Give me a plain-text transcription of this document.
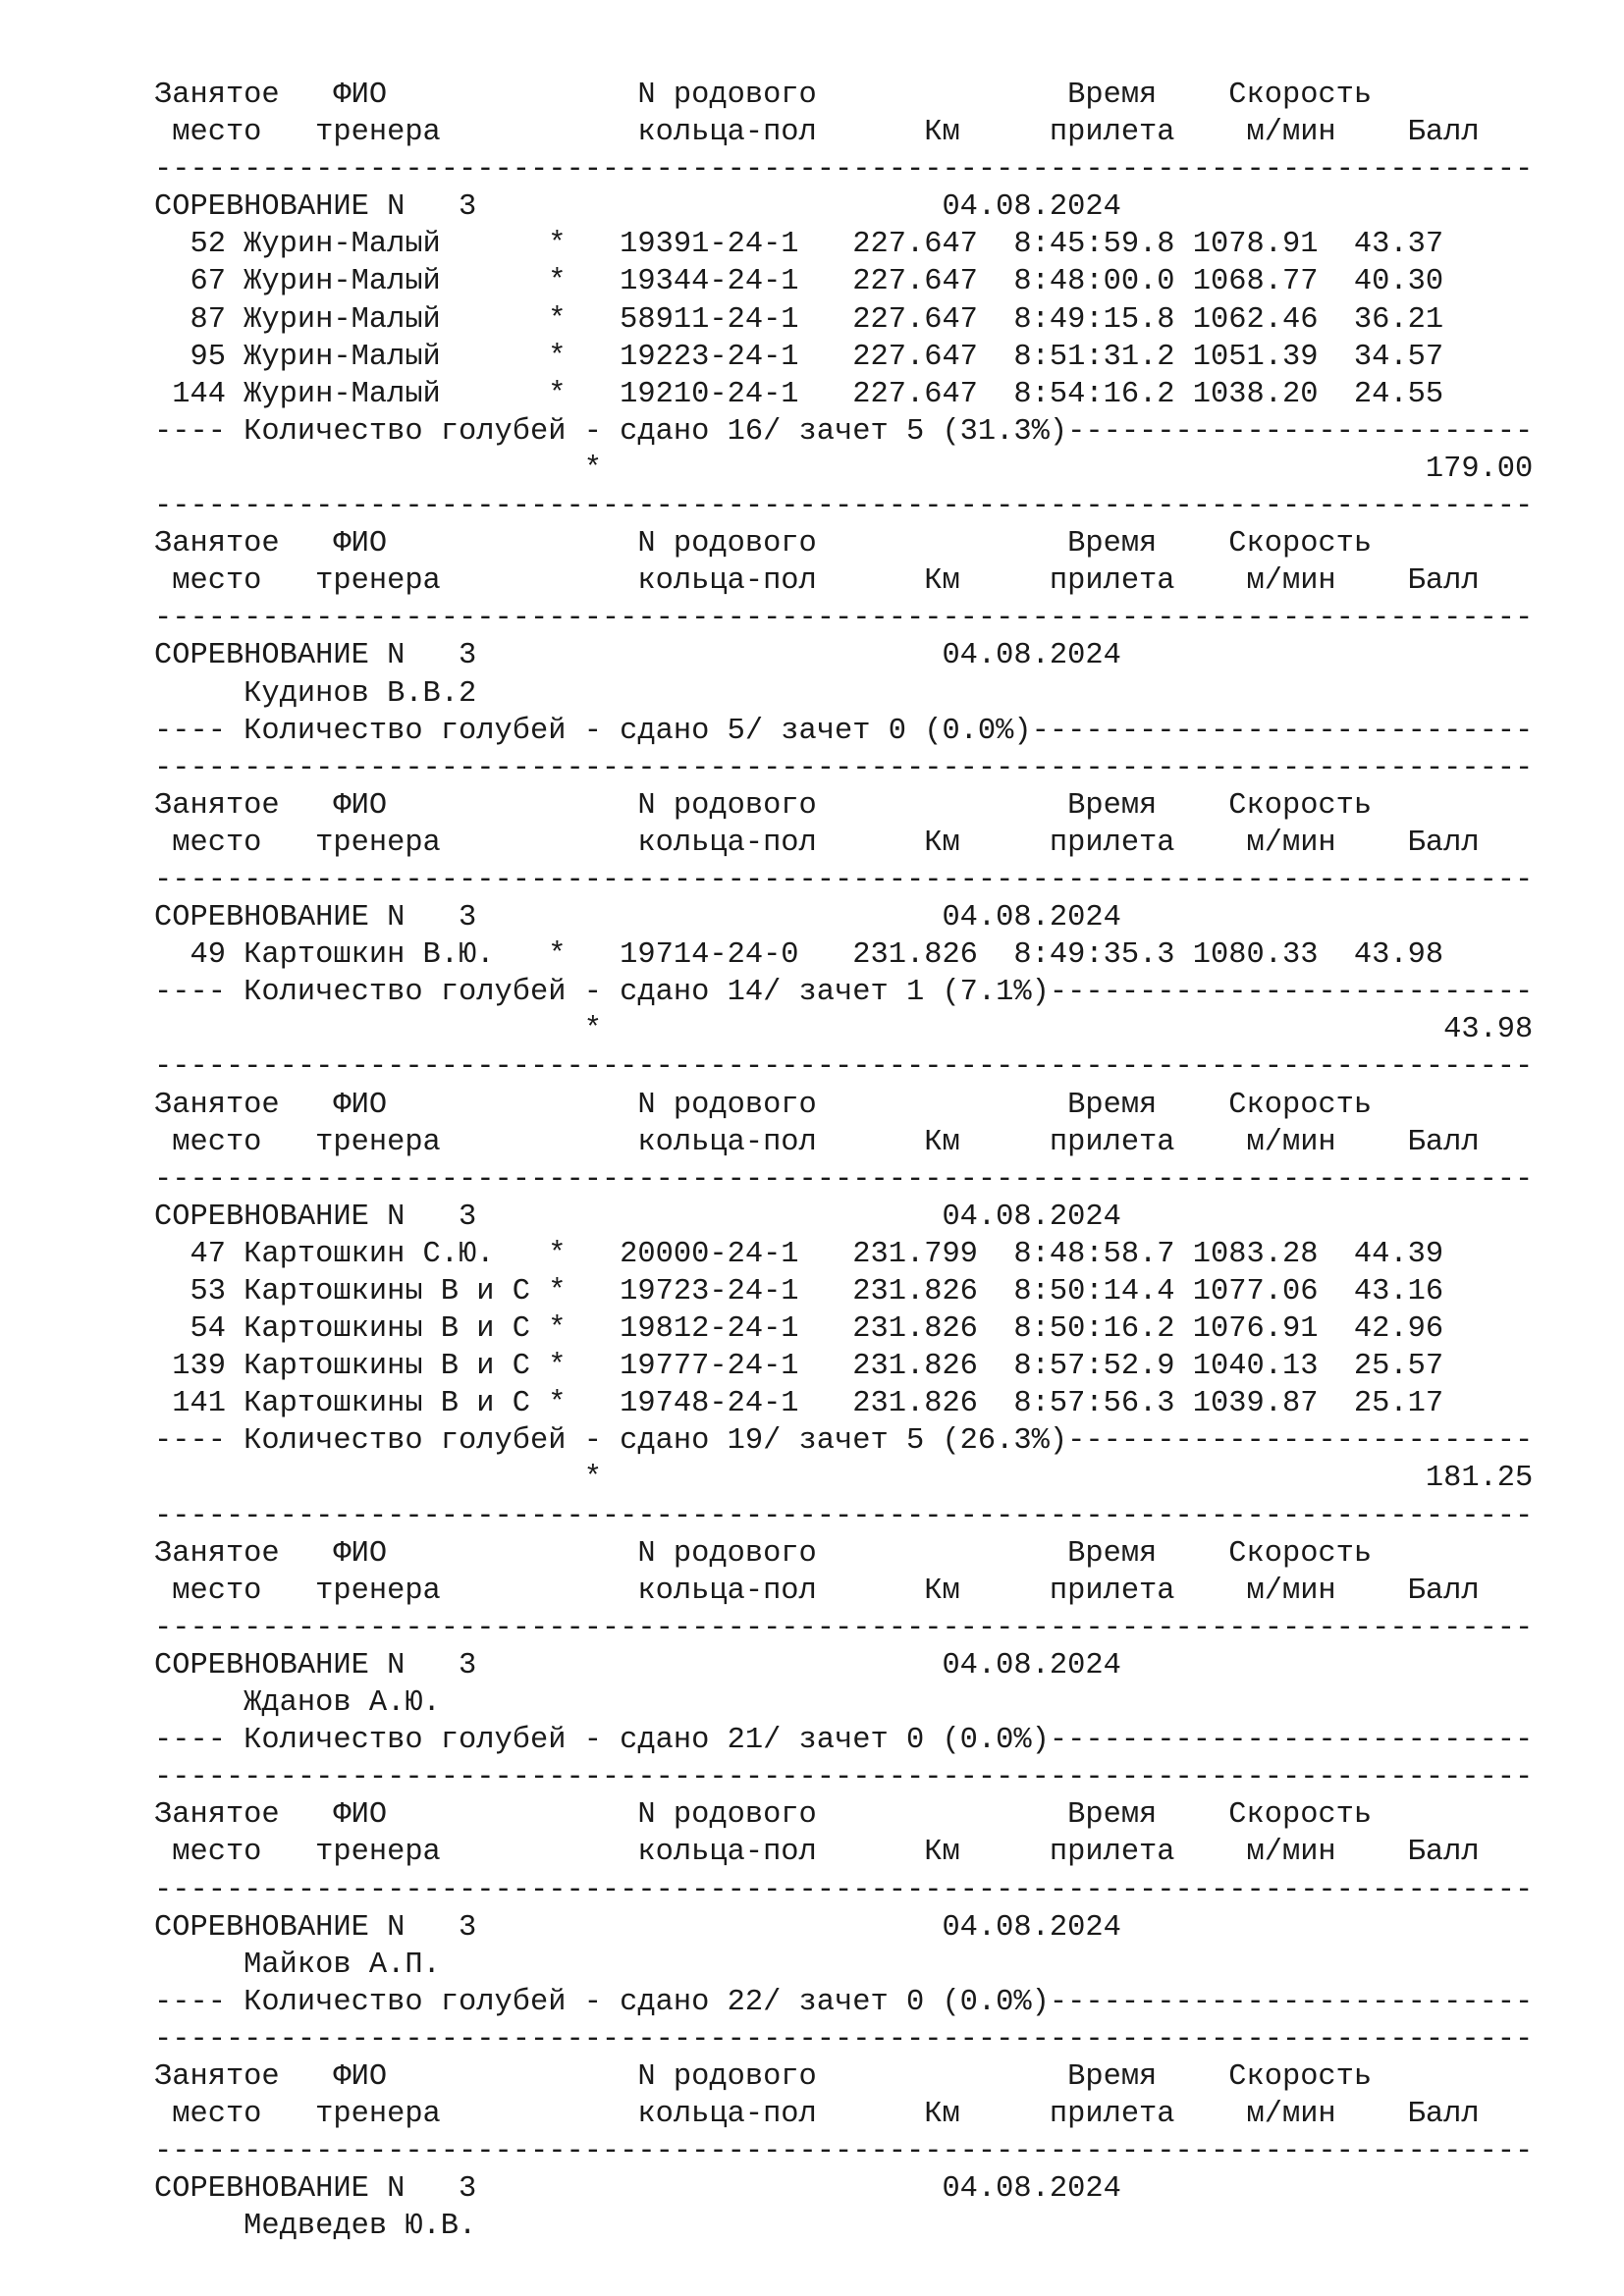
Занятое   ФИО              N родового              Время    Скорость
место   тренера           кольца-пол      Км     прилета    м/мин    Балл
-----------------------------------------------------------------------------
СОРЕВНОВАНИЕ N   3                          04.08.2024
52 Журин-Малый      *   19391-24-1   227.647  8:45:59.8 1078.91  43.37
67 Журин-Малый      *   19344-24-1   227.647  8:48:00.0 1068.77  40.30
87 Журин-Малый      *   58911-24-1   227.647  8:49:15.8 1062.46  36.21
95 Журин-Малый      *   19223-24-1   227.647  8:51:31.2 1051.39  34.57
144 Журин-Малый      *   19210-24-1   227.647  8:54:16.2 1038.20  24.55
---- Количество голубей - сдано 16/ зачет 5 (31.3%)--------------------------
*                                              179.00
-----------------------------------------------------------------------------
Занятое   ФИО              N родового              Время    Скорость
место   тренера           кольца-пол      Км     прилета    м/мин    Балл
-----------------------------------------------------------------------------
СОРЕВНОВАНИЕ N   3                          04.08.2024
Кудинов В.В.2
---- Количество голубей - сдано 5/ зачет 0 (0.0%)----------------------------
-----------------------------------------------------------------------------
Занятое   ФИО              N родового              Время    Скорость
место   тренера           кольца-пол      Км     прилета    м/мин    Балл
-----------------------------------------------------------------------------
СОРЕВНОВАНИЕ N   3                          04.08.2024
49 Картошкин В.Ю.   *   19714-24-0   231.826  8:49:35.3 1080.33  43.98
---- Количество голубей - сдано 14/ зачет 1 (7.1%)---------------------------
*                                               43.98
-----------------------------------------------------------------------------
Занятое   ФИО              N родового              Время    Скорость
место   тренера           кольца-пол      Км     прилета    м/мин    Балл
-----------------------------------------------------------------------------
СОРЕВНОВАНИЕ N   3                          04.08.2024
47 Картошкин С.Ю.   *   20000-24-1   231.799  8:48:58.7 1083.28  44.39
53 Картошкины В и С *   19723-24-1   231.826  8:50:14.4 1077.06  43.16
54 Картошкины В и С *   19812-24-1   231.826  8:50:16.2 1076.91  42.96
139 Картошкины В и С *   19777-24-1   231.826  8:57:52.9 1040.13  25.57
141 Картошкины В и С *   19748-24-1   231.826  8:57:56.3 1039.87  25.17
---- Количество голубей - сдано 19/ зачет 5 (26.3%)--------------------------
*                                              181.25
-----------------------------------------------------------------------------
Занятое   ФИО              N родового              Время    Скорость
место   тренера           кольца-пол      Км     прилета    м/мин    Балл
-----------------------------------------------------------------------------
СОРЕВНОВАНИЕ N   3                          04.08.2024
Жданов А.Ю.
---- Количество голубей - сдано 21/ зачет 0 (0.0%)---------------------------
-----------------------------------------------------------------------------
Занятое   ФИО              N родового              Время    Скорость
место   тренера           кольца-пол      Км     прилета    м/мин    Балл
-----------------------------------------------------------------------------
СОРЕВНОВАНИЕ N   3                          04.08.2024
Майков А.П.
---- Количество голубей - сдано 22/ зачет 0 (0.0%)---------------------------
-----------------------------------------------------------------------------
Занятое   ФИО              N родового              Время    Скорость
место   тренера           кольца-пол      Км     прилета    м/мин    Балл
-----------------------------------------------------------------------------
СОРЕВНОВАНИЕ N   3                          04.08.2024
Медведев Ю.В.
